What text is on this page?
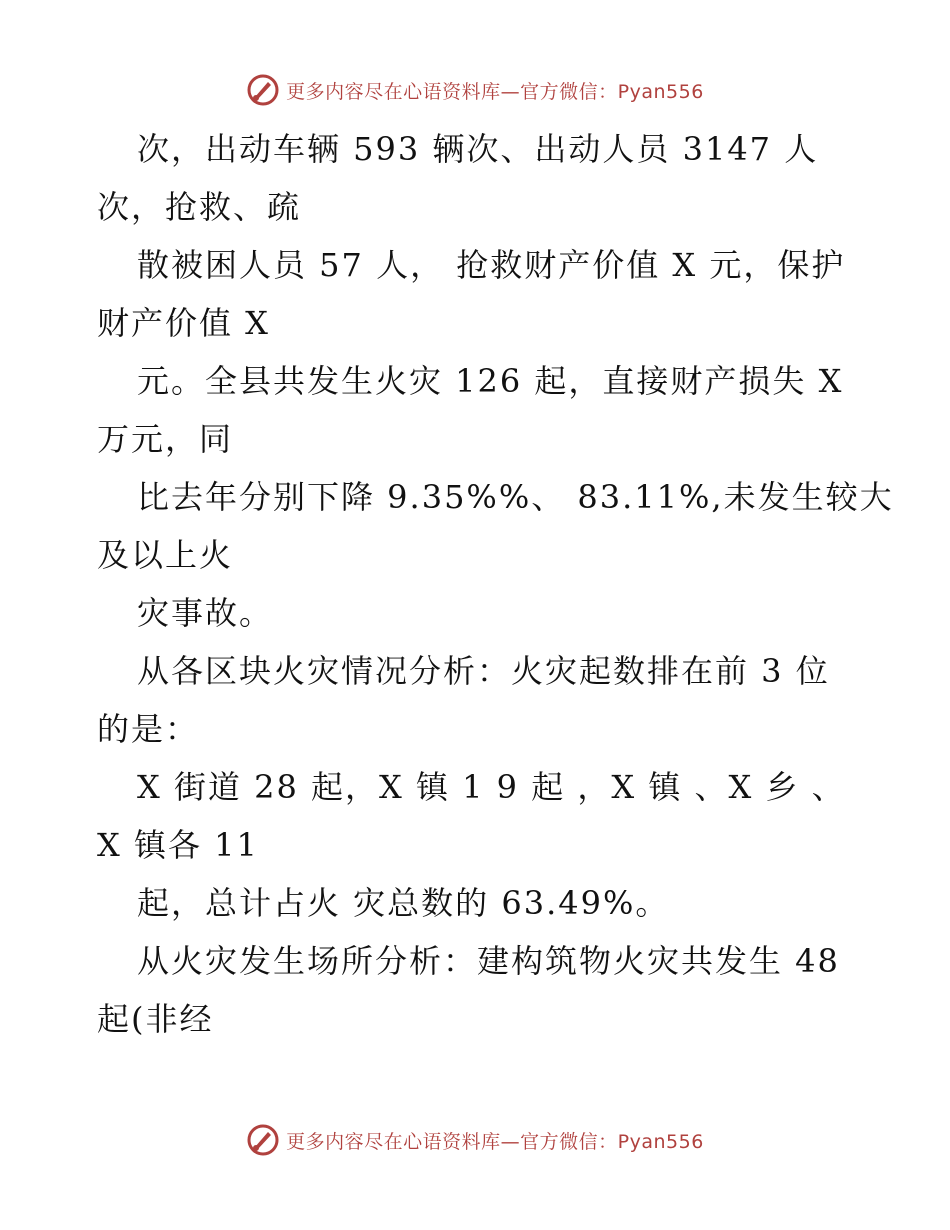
更多内容尽在心语资料库—官方微信：Pyan556
次，出动车辆 593 辆次、出动人员 3147 人
次，抢救、疏
散被困人员 57 人， 抢救财产价值 X 元，保护
财产价值 X
元。全县共发生火灾 126 起，直接财产损失 X
万元，同
比去年分别下降 9.35%%、 83.11%,未发生较大
及以上火
灾事故。
从各区块火灾情况分析：火灾起数排在前 3 位
的是：
X 街道 28 起，X 镇 1 9 起 ，X 镇 、X 乡 、
X 镇各 11
起，总计占火 灾总数的 63.49%。
从火灾发生场所分析：建构筑物火灾共发生 48
起(非经
更多内容尽在心语资料库—官方微信：Pyan556
